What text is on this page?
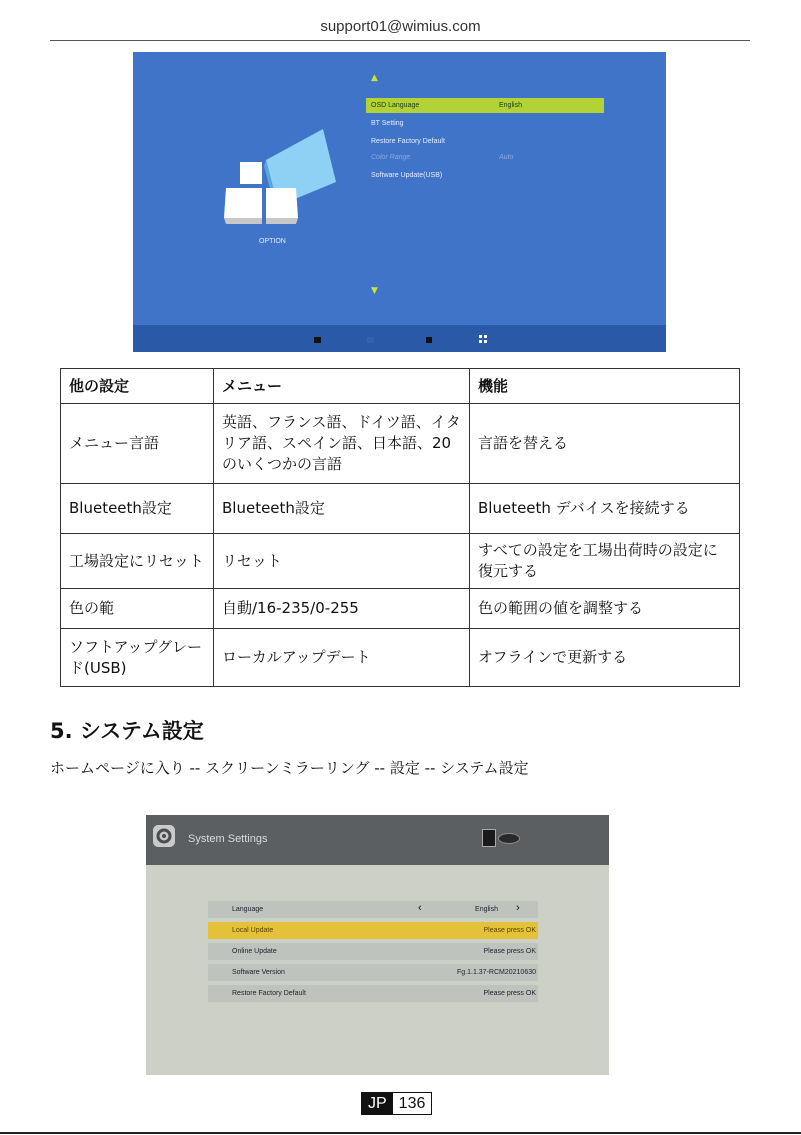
support01@wimius.com
OPTION
▲
▼
OSD Language	English
BT Setting
Restore Factory Default
Color Range	Auto
Software Update(USB)
他の設定	メニュー	機能
メニュー言語	英語、フランス語、ドイツ語、イタリア語、スペイン語、日本語、20のいくつかの言語	言語を替える
Blueteeth設定	Blueteeth設定	Blueteeth デバイスを接続する
工場設定にリセット	リセット	すべての設定を工場出荷時の設定に復元する
色の範	自動/16-235/0-255	色の範囲の値を調整する
ソフトアップグレード(USB)	ローカルアップデート	オフラインで更新する
5. システム設定
ホームページに入り -- スクリーンミラーリング -- 設定 -- システム設定
System Settings
Language	English
‹	›
Local Update	Please press OK
Online Update	Please press OK
Software Version	Fg.1.1.37-RCM20210630
Restore Factory Default	Please press OK
JP 136
